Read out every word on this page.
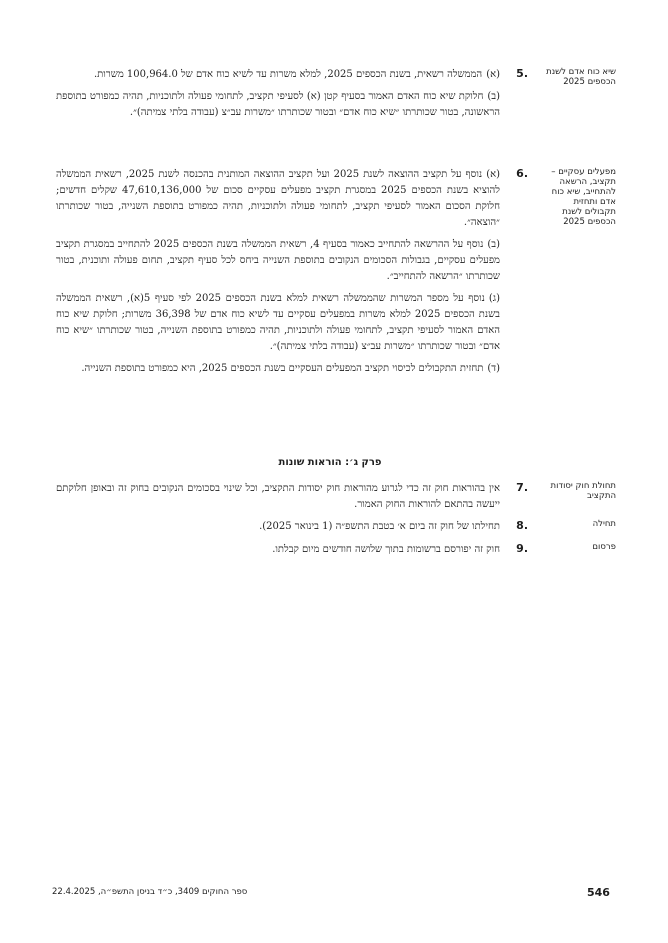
שיא כוח אדם לשנת הכספים 2025
.5

(א)הממשלה רשאית, בשנת הכספים 2025, למלא משרות עד לשיא כוח אדם של 100,964.0 משרות.

(ב)חלוקת שיא כוח האדם האמור בסעיף קטן (א) לסעיפי תקציב, לתחומי פעולה ולתוכניות, תהיה כמפורט בתוספת הראשונה, בטור שכותרתו ״שיא כוח אדם״ ובטור שכותרתו ״משרות עב״צ (עבודה בלתי צמיתה)״.

מפעלים עסקיים – תקציב, הרשאה להתחייב, שיא כוח אדם ותחזית תקבולים לשנת הכספים 2025
.6

(א)נוסף על תקציב ההוצאה לשנת 2025 ועל תקציב ההוצאה המותנית בהכנסה לשנת 2025, רשאית הממשלה להוציא בשנת הכספים 2025 במסגרת תקציב מפעלים עסקיים סכום של 47,610,136,000 שקלים חדשים; חלוקת הסכום האמור לסעיפי תקציב, לתחומי פעולה ולתוכניות, תהיה כמפורט בתוספת השנייה, בטור שכותרתו ״הוצאה״.

(ב)נוסף על ההרשאה להתחייב כאמור בסעיף 4, רשאית הממשלה בשנת הכספים 2025 להתחייב במסגרת תקציב מפעלים עסקיים, בגבולות הסכומים הנקובים בתוספת השנייה ביחס לכל סעיף תקציב, תחום פעולה ותוכנית, בטור שכותרתו ״הרשאה להתחייב״.

(ג)נוסף על מספר המשרות שהממשלה רשאית למלא בשנת הכספים 2025 לפי סעיף 5(א), רשאית הממשלה בשנת הכספים 2025 למלא משרות במפעלים עסקיים עד לשיא כוח אדם של 36,398 משרות; חלוקת שיא כוח האדם האמור לסעיפי תקציב, לתחומי פעולה ולתוכניות, תהיה כמפורט בתוספת השנייה, בטור שכותרתו ״שיא כוח אדם״ ובטור שכותרתו ״משרות עב״צ (עבודה בלתי צמיתה)״.

(ד)תחזית התקבולים לכיסוי תקציב המפעלים העסקיים בשנת הכספים 2025, היא כמפורט בתוספת השנייה.

פרק ג׳: הוראות שונות
תחולת חוק יסודות התקציב
.7

אין בהוראות חוק זה כדי לגרוע מהוראות חוק יסודות התקציב, וכל שינוי בסכומים הנקובים בחוק זה ובאופן חלוקתם ייעשה בהתאם להוראות החוק האמור.

תחילה
.8

תחילתו של חוק זה ביום א׳ בטבת התשפ״ה (1 בינואר 2025).

פרסום
.9

חוק זה יפורסם ברשומות בתוך שלושה חודשים מיום קבלתו.

546
ספר החוקים 3409, כ״ד בניסן התשפ״ה, 22.4.2025
